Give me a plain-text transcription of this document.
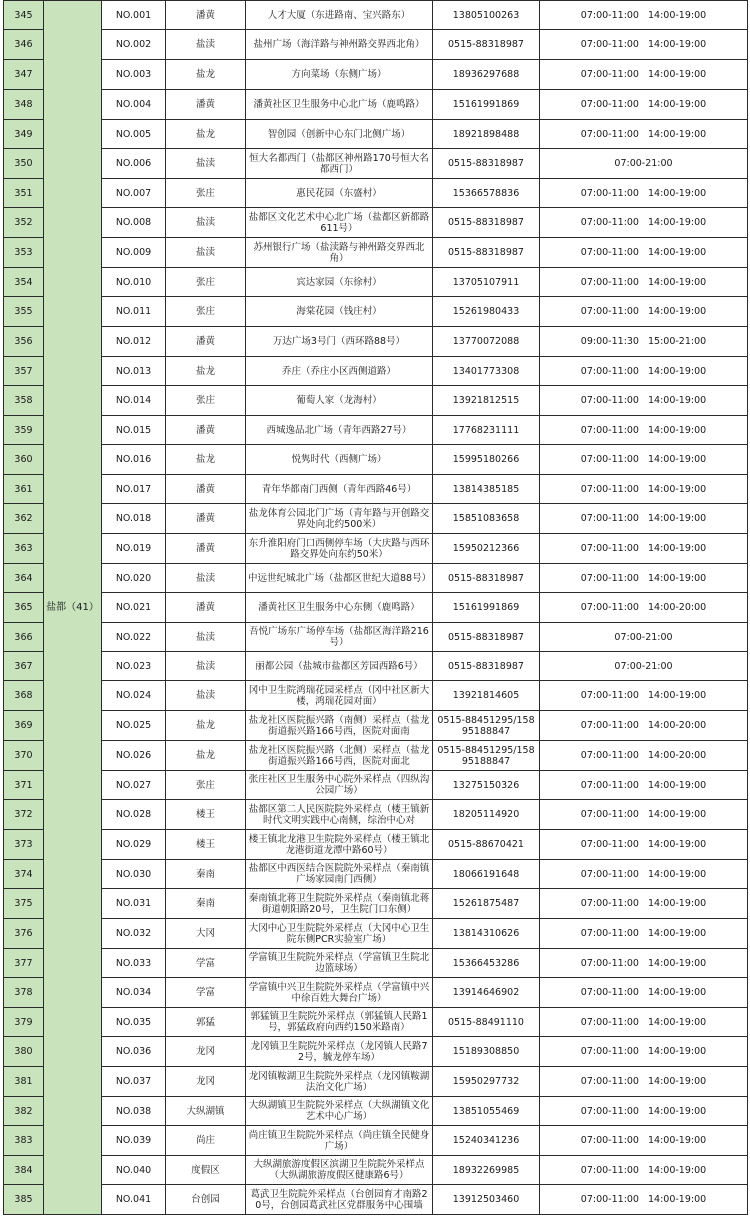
345	盐都（41）	NO.001	潘黄	人才大厦（东进路南、宝兴路东）	13805100263	07:00-11:00 14:00-19:00
346		NO.002	盐渎	盐州广场（海洋路与神州路交界西北角）	0515-88318987	07:00-11:00 14:00-19:00
347		NO.003	盐龙	方向菜场（东侧广场）	18936297688	07:00-11:00 14:00-19:00
348		NO.004	潘黄	潘黄社区卫生服务中心北广场（鹿鸣路）	15161991869	07:00-11:00 14:00-19:00
349		NO.005	盐龙	智创园（创新中心东门北侧广场）	18921898488	07:00-11:00 14:00-19:00
350		NO.006	盐渎	恒大名都西门（盐都区神州路170号恒大名都西门）	0515-88318987	07:00-21:00
351		NO.007	张庄	惠民花园（东盛村）	15366578836	07:00-11:00 14:00-19:00
352		NO.008	盐渎	盐都区文化艺术中心北广场（盐都区新都路611号）	0515-88318987	07:00-11:00 14:00-19:00
353		NO.009	盐渎	苏州银行广场（盐渎路与神州路交界西北角）	0515-88318987	07:00-11:00 14:00-19:00
354		NO.010	张庄	宾达家园（东徐村）	13705107911	07:00-11:00 14:00-19:00
355		NO.011	张庄	海棠花园（钱庄村）	15261980433	07:00-11:00 14:00-19:00
356		NO.012	潘黄	万达广场3号门（西环路88号）	13770072088	09:00-11:30 15:00-21:00
357		NO.013	盐龙	乔庄（乔庄小区西侧道路）	13401773308	07:00-11:00 14:00-19:00
358		NO.014	张庄	葡萄人家（龙海村）	13921812515	07:00-11:00 14:00-19:00
359		NO.015	潘黄	西城逸品北广场（青年西路27号）	17768231111	07:00-11:00 14:00-19:00
360		NO.016	盐龙	悦隽时代（西侧广场）	15995180266	07:00-11:00 14:00-19:00
361		NO.017	潘黄	青年华都南门西侧（青年西路46号）	13814385185	07:00-11:00 14:00-19:00
362		NO.018	潘黄	盐龙体育公园北门广场（青年路与开创路交界处向北约500米）	15851083658	07:00-11:00 14:00-19:00
363		NO.019	潘黄	东升淮阳府门口西侧停车场（大庆路与西环路交界处向东约50米）	15950212366	07:00-11:00 14:00-19:00
364		NO.020	盐渎	中远世纪城北广场（盐都区世纪大道88号）	0515-88318987	07:00-11:00 14:00-19:00
365		NO.021	潘黄	潘黄社区卫生服务中心东侧（鹿鸣路）	15161991869	07:00-11:00 14:00-20:00
366		NO.022	盐渎	吾悦广场东广场停车场（盐都区海洋路216号）	0515-88318987	07:00-21:00
367		NO.023	盐渎	丽都公园（盐城市盐都区芳园西路6号）	0515-88318987	07:00-21:00
368		NO.024	盐渎	冈中卫生院鸿瑞花园采样点（冈中社区新大楼，鸿瑞花园对面）	13921814605	07:00-11:00 14:00-19:00
369		NO.025	盐龙	盐龙社区医院振兴路（南侧）采样点（盐龙街道振兴路166号西，医院对面南	0515-88451295/15895188847	07:00-11:00 14:00-20:00
370		NO.026	盐龙	盐龙社区医院振兴路（北侧）采样点（盐龙街道振兴路166号西，医院对面北	0515-88451295/15895188847	07:00-11:00 14:00-20:00
371		NO.027	张庄	张庄社区卫生服务中心院外采样点（四纵沟公园广场）	13275150326	07:00-11:00 14:00-19:00
372		NO.028	楼王	盐都区第二人民医院院外采样点（楼王镇新时代文明实践中心南侧，综治中心对	18205114920	07:00-11:00 14:00-19:00
373		NO.029	楼王	楼王镇北龙港卫生院院外采样点（楼王镇北龙港街道龙潭中路60号）	0515-88670421	07:00-11:00 14:00-19:00
374		NO.030	秦南	盐都区中西医结合医院院外采样点（秦南镇广场家园南门西侧）	18066191648	07:00-11:00 14:00-19:00
375		NO.031	秦南	秦南镇北蒋卫生院院外采样点（秦南镇北蒋街道朝阳路20号，卫生院门口东侧）	15261875487	07:00-11:00 14:00-19:00
376		NO.032	大冈	大冈中心卫生院院外采样点（大冈中心卫生院东侧PCR实验室广场）	13814310626	07:00-11:00 14:00-19:00
377		NO.033	学富	学富镇卫生院院外采样点（学富镇卫生院北边篮球场）	15366453286	07:00-11:00 14:00-19:00
378		NO.034	学富	学富镇中兴卫生院院外采样点（学富镇中兴中徐百姓大舞台广场）	13914646902	07:00-11:00 14:00-19:00
379		NO.035	郭猛	郭猛镇卫生院院外采样点（郭猛镇人民路1号，郭猛政府向西约150米路南）	0515-88491110	07:00-11:00 14:00-19:00
380		NO.036	龙冈	龙冈镇卫生院院外采样点（龙冈镇人民路72号，毓龙停车场）	15189308850	07:00-11:00 14:00-19:00
381		NO.037	龙冈	龙冈镇鞍湖卫生院院外采样点（龙冈镇鞍湖法治文化广场）	15950297732	07:00-11:00 14:00-19:00
382		NO.038	大纵湖镇	大纵湖镇卫生院院外采样点（大纵湖镇文化艺术中心广场）	13851055469	07:00-11:00 14:00-19:00
383		NO.039	尚庄	尚庄镇卫生院院外采样点（尚庄镇全民健身广场）	15240341236	07:00-11:00 14:00-19:00
384		NO.040	度假区	大纵湖旅游度假区滨湖卫生院院外采样点（大纵湖旅游度假区健康路6号）	18932269985	07:00-11:00 14:00-19:00
385		NO.041	台创园	葛武卫生院院外采样点（台创园育才南路20号，台创园葛武社区党群服务中心围墙	13912503460	07:00-11:00 14:00-19:00
